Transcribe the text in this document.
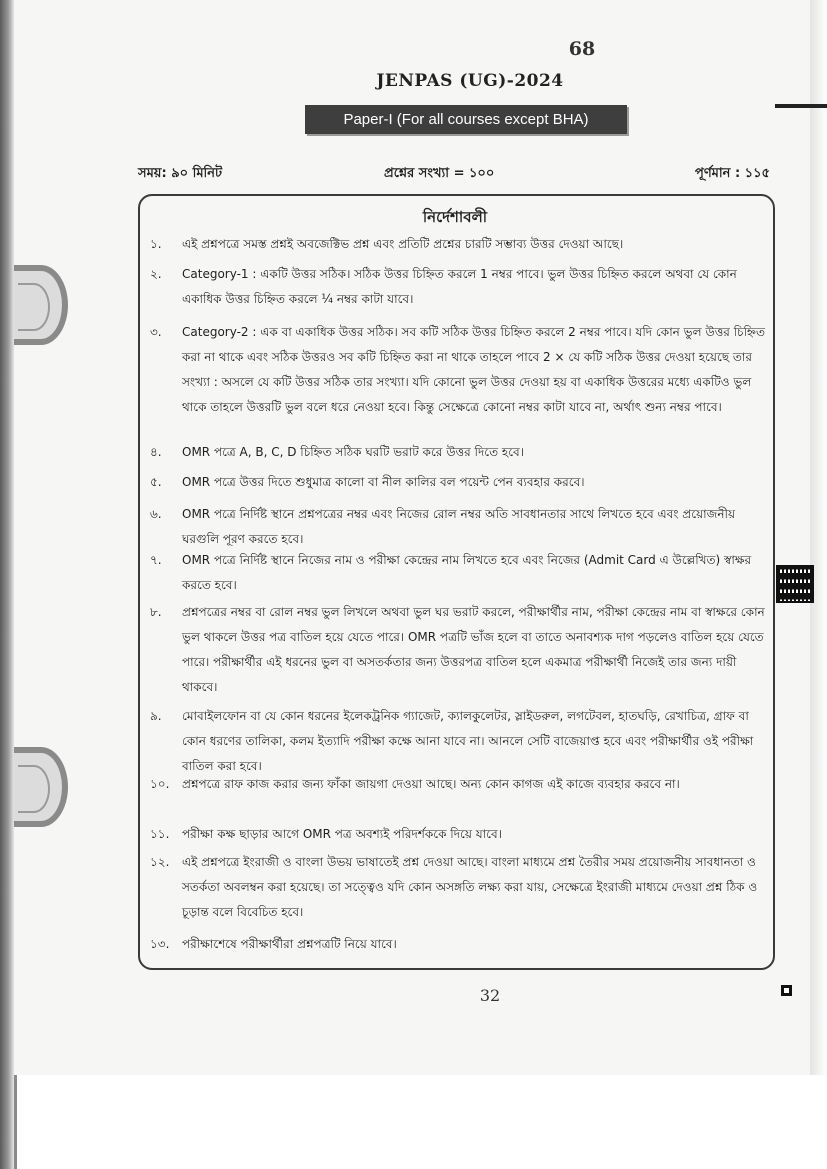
68
JENPAS (UG)-2024
Paper-I (For all courses except BHA)
সময়: ৯০ মিনিট	প্রশ্নের সংখ্যা = ১০০	পূর্ণমান : ১১৫
নির্দেশাবলী
১.	এই প্রশ্নপত্রে সমস্ত প্রশ্নই অবজেক্টিভ প্রশ্ন এবং প্রতিটি প্রশ্নের চারটি সম্ভাব্য উত্তর দেওয়া আছে।
২.	Category-1 : একটি উত্তর সঠিক। সঠিক উত্তর চিহ্নিত করলে 1 নম্বর পাবে। ভুল উত্তর চিহ্নিত করলে অথবা যে কোন একাধিক উত্তর চিহ্নিত করলে ¼ নম্বর কাটা যাবে।
৩.	Category-2 : এক বা একাধিক উত্তর সঠিক। সব কটি সঠিক উত্তর চিহ্নিত করলে 2 নম্বর পাবে। যদি কোন ভুল উত্তর চিহ্নিত করা না থাকে এবং সঠিক উত্তরও সব কটি চিহ্নিত করা না থাকে তাহলে পাবে 2 × যে কটি সঠিক উত্তর দেওয়া হয়েছে তার সংখ্যা : অসলে যে কটি উত্তর সঠিক তার সংখ্যা। যদি কোনো ভুল উত্তর দেওয়া হয় বা একাধিক উত্তরের মধ্যে একটিও ভুল থাকে তাহলে উত্তরটি ভুল বলে ধরে নেওয়া হবে। কিন্তু সেক্ষেত্রে কোনো নম্বর কাটা যাবে না, অর্থাৎ শুন্য নম্বর পাবে।
৪.	OMR পত্রে A, B, C, D চিহ্নিত সঠিক ঘরটি ভরাট করে উত্তর দিতে হবে।
৫.	OMR পত্রে উত্তর দিতে শুধুমাত্র কালো বা নীল কালির বল পয়েন্ট পেন ব্যবহার করবে।
৬.	OMR পত্রে নির্দিষ্ট স্থানে প্রশ্নপত্রের নম্বর এবং নিজের রোল নম্বর অতি সাবধানতার সাথে লিখতে হবে এবং প্রয়োজনীয় ঘরগুলি পূরণ করতে হবে।
৭.	OMR পত্রে নির্দিষ্ট স্থানে নিজের নাম ও পরীক্ষা কেন্দ্রের নাম লিখতে হবে এবং নিজের (Admit Card এ উল্লেখিত) স্বাক্ষর করতে হবে।
৮.	প্রশ্নপত্রের নম্বর বা রোল নম্বর ভুল লিখলে অথবা ভুল ঘর ভরাট করলে, পরীক্ষার্থীর নাম, পরীক্ষা কেন্দ্রের নাম বা স্বাক্ষরে কোন ভুল থাকলে উত্তর পত্র বাতিল হয়ে যেতে পারে। OMR পত্রটি ভাঁজ হলে বা তাতে অনাবশ্যক দাগ পড়লেও বাতিল হয়ে যেতে পারে। পরীক্ষার্থীর এই ধরনের ভুল বা অসতর্কতার জন্য উত্তরপত্র বাতিল হলে একমাত্র পরীক্ষার্থী নিজেই তার জন্য দায়ী থাকবে।
৯.	মোবাইলফোন বা যে কোন ধরনের ইলেকট্রনিক গ্যাজেট, ক্যালকুলেটর, স্লাইডরুল, লগটেবল, হাতঘড়ি, রেখাচিত্র, গ্রাফ বা কোন ধরণের তালিকা, কলম ইত্যাদি পরীক্ষা কক্ষে আনা যাবে না। আনলে সেটি বাজেয়াপ্ত হবে এবং পরীক্ষার্থীর ওই পরীক্ষা বাতিল করা হবে।
১০.	প্রশ্নপত্রে রাফ কাজ করার জন্য ফাঁকা জায়গা দেওয়া আছে। অন্য কোন কাগজ এই কাজে ব্যবহার করবে না।
১১.	পরীক্ষা কক্ষ ছাড়ার আগে OMR পত্র অবশ্যই পরিদর্শককে দিয়ে যাবে।
১২.	এই প্রশ্নপত্রে ইংরাজী ও বাংলা উভয় ভাষাতেই প্রশ্ন দেওয়া আছে। বাংলা মাধ্যমে প্রশ্ন তৈরীর সময় প্রয়োজনীয় সাবধানতা ও সতর্কতা অবলম্বন করা হয়েছে। তা সত্ত্বেও যদি কোন অসঙ্গতি লক্ষ্য করা যায়, সেক্ষেত্রে ইংরাজী মাধ্যমে দেওয়া প্রশ্ন ঠিক ও চূড়ান্ত বলে বিবেচিত হবে।
১৩.	পরীক্ষাশেষে পরীক্ষার্থীরা প্রশ্নপত্রটি নিয়ে যাবে।
32
